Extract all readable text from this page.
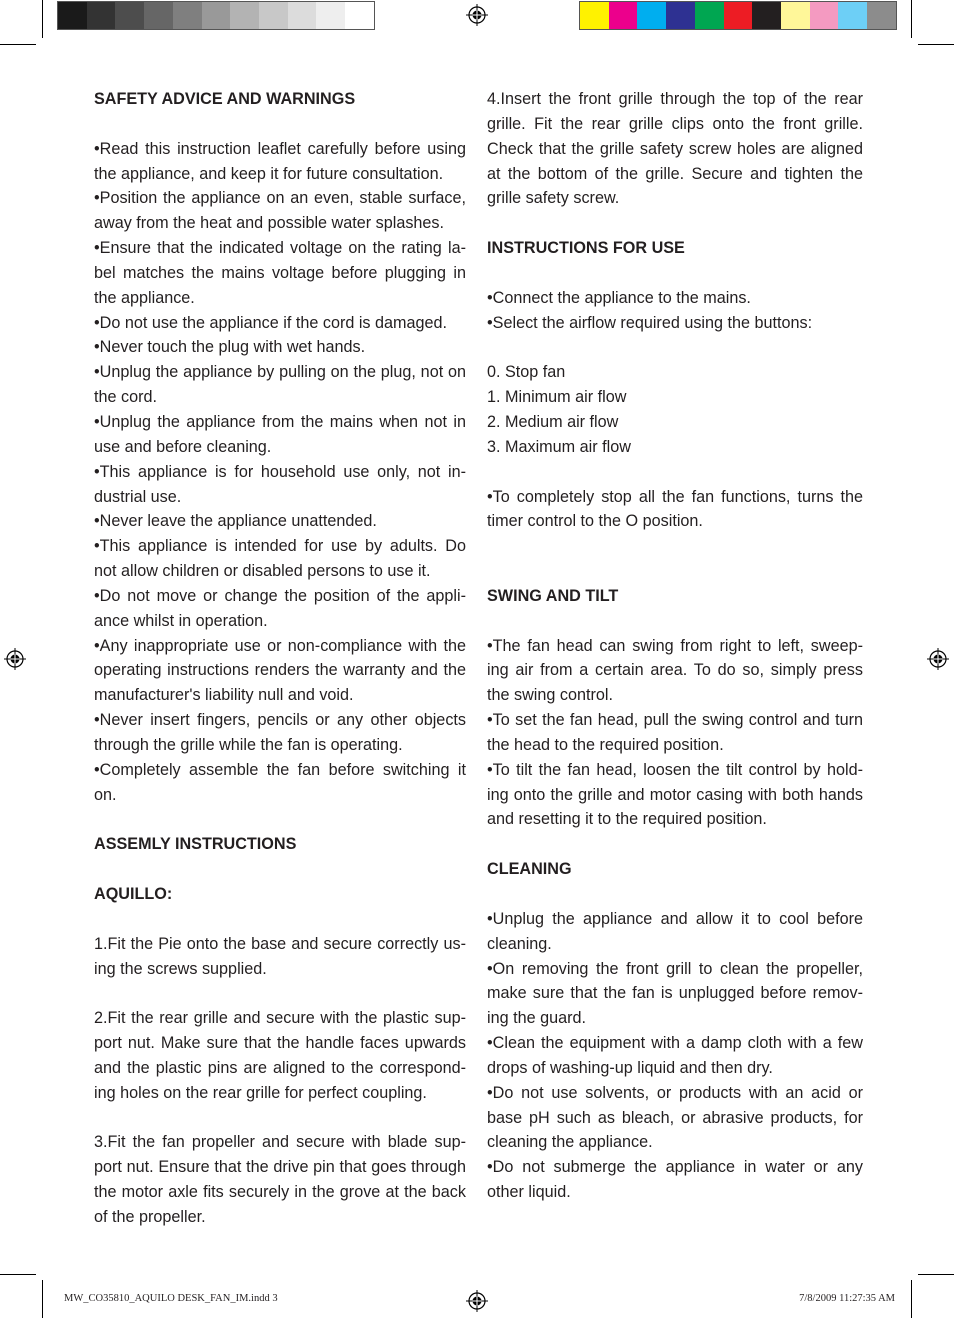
SAFETY ADVICE AND WARNINGS

•Read this instruction leaflet carefully before using the appliance, and keep it for future consultation.

•Position the appliance on an even, stable surface, away from the heat and possible water splashes.

•Ensure that the indicated voltage on the rating la-bel matches the mains voltage before plugging in the appliance.

•Do not use the appliance if the cord is damaged.

•Never touch the plug with wet hands.

•Unplug the appliance by pulling on the plug, not on the cord.

•Unplug the appliance from the mains when not in use and before cleaning.

•This appliance is for household use only, not in-dustrial use.

•Never leave the appliance unattended.

•This appliance is intended for use by adults. Do not allow children or disabled persons to use it.

•Do not move or change the position of the appli-ance whilst in operation.

•Any inappropriate use or non-compliance with the operating instructions renders the warranty and the manufacturer's liability null and void.

•Never insert fingers, pencils or any other objects through the grille while the fan is operating.

•Completely assemble the fan before switching it on.

ASSEMLY INSTRUCTIONS

AQUILLO:

1.Fit the Pie onto the base and secure correctly us-ing the screws supplied.

2.Fit the rear grille and secure with the plastic sup-port nut. Make sure that the handle faces upwards and the plastic pins are aligned to the correspond-ing holes on the rear grille for perfect coupling.

3.Fit the fan propeller and secure with blade sup-port nut. Ensure that the drive pin that goes through the motor axle fits securely in the grove at the back of the propeller.

4.Insert the front grille through the top of the rear grille. Fit the rear grille clips onto the front grille. Check that the grille safety screw holes are aligned at the bottom of the grille. Secure and tighten the grille safety screw.

INSTRUCTIONS FOR USE

•Connect the appliance to the mains.

•Select the airflow required using the buttons:

0. Stop fan

1. Minimum air flow

2. Medium air flow

3. Maximum air flow

•To completely stop all the fan functions, turns the timer control to the O position.

SWING AND TILT

•The fan head can swing from right to left, sweep-ing air from a certain area. To do so, simply press the swing control.

•To set the fan head, pull the swing control and turn the head to the required position.

•To tilt the fan head, loosen the tilt control by hold-ing onto the grille and motor casing with both hands and resetting it to the required position.

CLEANING

•Unplug the appliance and allow it to cool before cleaning.

•On removing the front grill to clean the propeller, make sure that the fan is unplugged before remov-ing the guard.

•Clean the equipment with a damp cloth with a few drops of washing-up liquid and then dry.

•Do not use solvents, or products with an acid or base pH such as bleach, or abrasive products, for cleaning the appliance.

•Do not submerge the appliance in water or any other liquid.

MW_CO35810_AQUILO DESK_FAN_IM.indd 3	7/8/2009 11:27:35 AM
